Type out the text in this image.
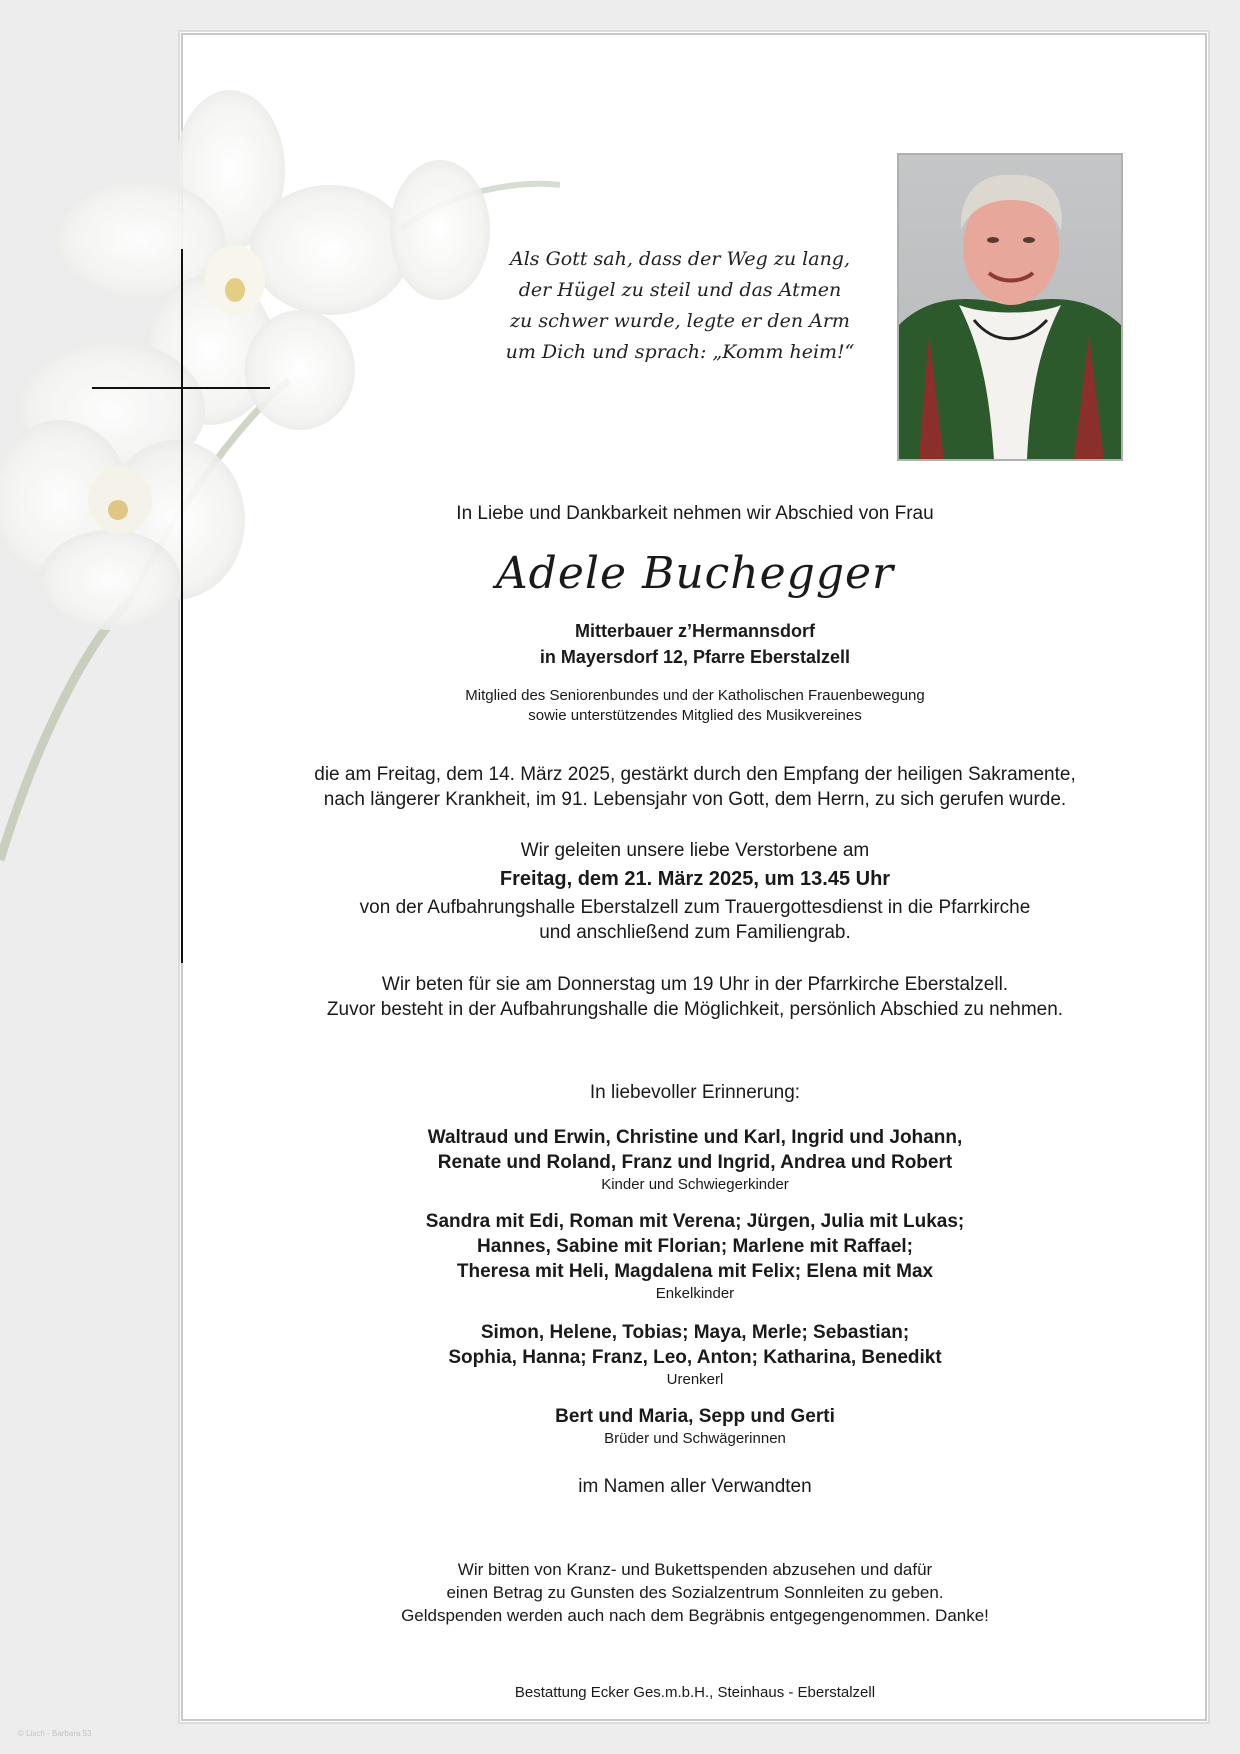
Als Gott sah, dass der Weg zu lang,
der Hügel zu steil und das Atmen
zu schwer wurde, legte er den Arm
um Dich und sprach: „Komm heim!“
In Liebe und Dankbarkeit nehmen wir Abschied von Frau
Adele Buchegger
Mitterbauer z’Hermannsdorf
in Mayersdorf 12, Pfarre Eberstalzell
Mitglied des Seniorenbundes und der Katholischen Frauenbewegung
sowie unterstützendes Mitglied des Musikvereines
die am Freitag, dem 14. März 2025, gestärkt durch den Empfang der heiligen Sakramente,
nach längerer Krankheit, im 91. Lebensjahr von Gott, dem Herrn, zu sich gerufen wurde.
Wir geleiten unsere liebe Verstorbene am
Freitag, dem 21. März 2025, um 13.45 Uhr
von der Aufbahrungshalle Eberstalzell zum Trauergottesdienst in die Pfarrkirche
und anschließend zum Familiengrab.
Wir beten für sie am Donnerstag um 19 Uhr in der Pfarrkirche Eberstalzell.
Zuvor besteht in der Aufbahrungshalle die Möglichkeit, persönlich Abschied zu nehmen.
In liebevoller Erinnerung:
Waltraud und Erwin, Christine und Karl, Ingrid und Johann,
Renate und Roland, Franz und Ingrid, Andrea und Robert
Kinder und Schwiegerkinder
Sandra mit Edi, Roman mit Verena; Jürgen, Julia mit Lukas;
Hannes, Sabine mit Florian; Marlene mit Raffael;
Theresa mit Heli, Magdalena mit Felix; Elena mit Max
Enkelkinder
Simon, Helene, Tobias; Maya, Merle; Sebastian;
Sophia, Hanna; Franz, Leo, Anton; Katharina, Benedikt
Urenkerl
Bert und Maria, Sepp und Gerti
Brüder und Schwägerinnen
im Namen aller Verwandten
Wir bitten von Kranz- und Bukettspenden abzusehen und dafür
einen Betrag zu Gunsten des Sozialzentrum Sonnleiten zu geben.
Geldspenden werden auch nach dem Begräbnis entgegengenommen. Danke!
Bestattung Ecker Ges.m.b.H., Steinhaus - Eberstalzell
© Lisch - Barbara 53
